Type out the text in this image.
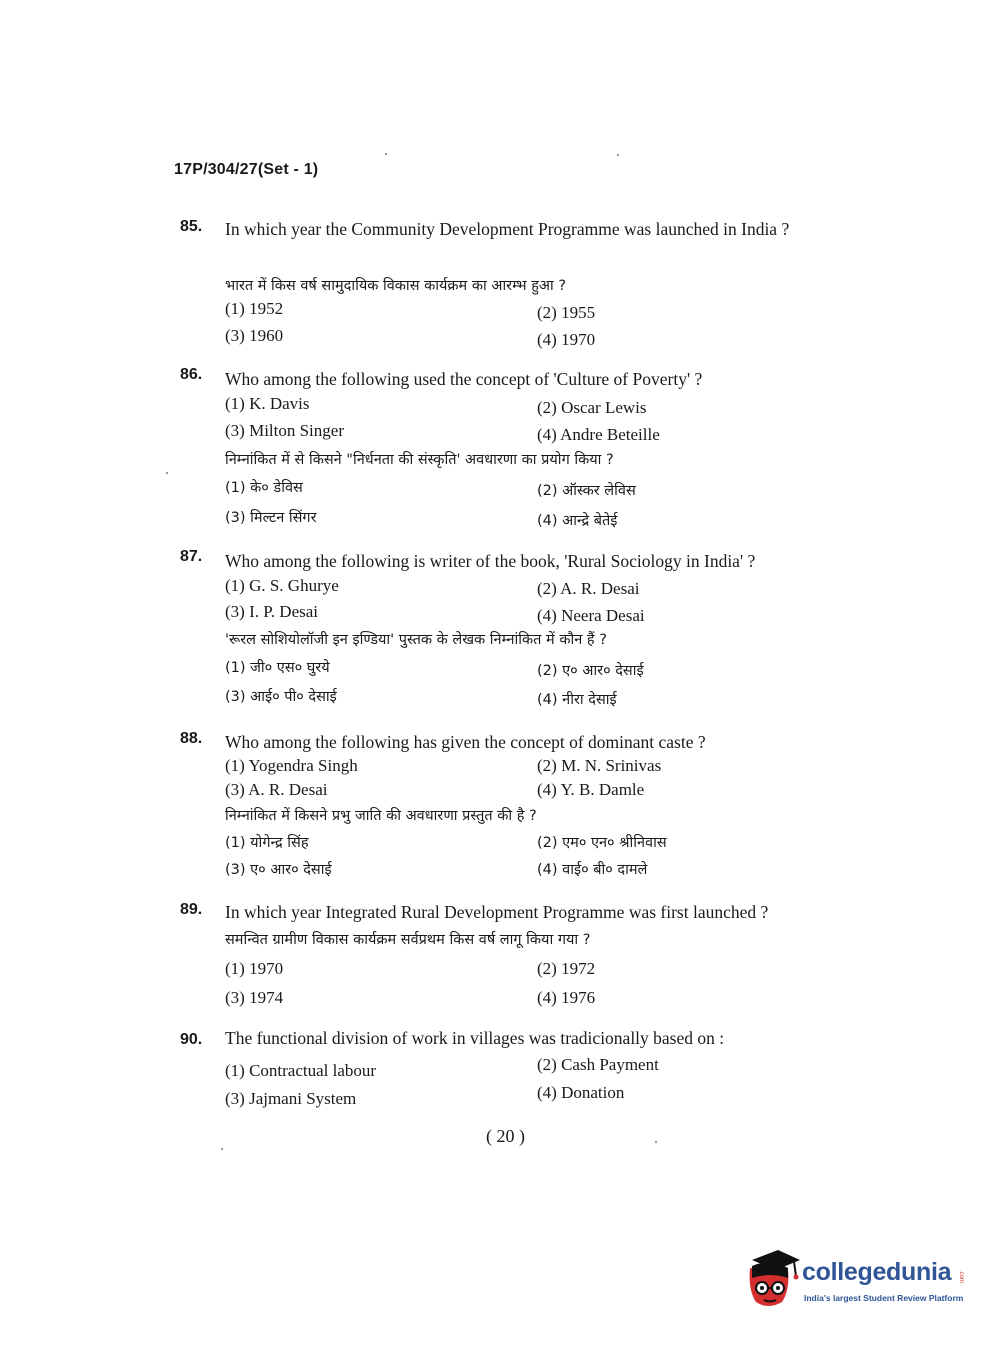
17P/304/27(Set - 1)
85. In which year the Community Development Programme was launched in India ?
भारत में किस वर्ष सामुदायिक विकास कार्यक्रम का आरम्भ हुआ ?
(1) 1952	(2) 1955
(3) 1960	(4) 1970
86. Who among the following used the concept of 'Culture of Poverty' ?
(1) K. Davis	(2) Oscar Lewis
(3) Milton Singer	(4) Andre Beteille
निम्नांकित में से किसने "निर्धनता की संस्कृति' अवधारणा का प्रयोग किया ?
(1) के० डेविस	(2) ऑस्कर लेविस
(3) मिल्टन सिंगर	(4) आन्द्रे बेतेई
87. Who among the following is writer of the book, 'Rural Sociology in India' ?
(1) G. S. Ghurye	(2) A. R. Desai
(3) I. P. Desai	(4) Neera Desai
'रूरल सोशियोलॉजी इन इण्डिया' पुस्तक के लेखक निम्नांकित में कौन हैं ?
(1) जी० एस० घुरये	(2) ए० आर० देसाई
(3) आई० पी० देसाई	(4) नीरा देसाई
88. Who among the following has given the concept of dominant caste ?
(1) Yogendra Singh	(2) M. N. Srinivas
(3) A. R. Desai	(4) Y. B. Damle
निम्नांकित में किसने प्रभु जाति की अवधारणा प्रस्तुत की है ?
(1) योगेन्द्र सिंह	(2) एम० एन० श्रीनिवास
(3) ए० आर० देसाई	(4) वाई० बी० दामले
89. In which year Integrated Rural Development Programme was first launched ?
समन्वित ग्रामीण विकास कार्यक्रम सर्वप्रथम किस वर्ष लागू किया गया ?
(1) 1970	(2) 1972
(3) 1974	(4) 1976
90. The functional division of work in villages was tradicionally based on :
(1) Contractual labour	(2) Cash Payment
(3) Jajmani System	(4) Donation
( 20 )
collegedunia .com
India's largest Student Review Platform
